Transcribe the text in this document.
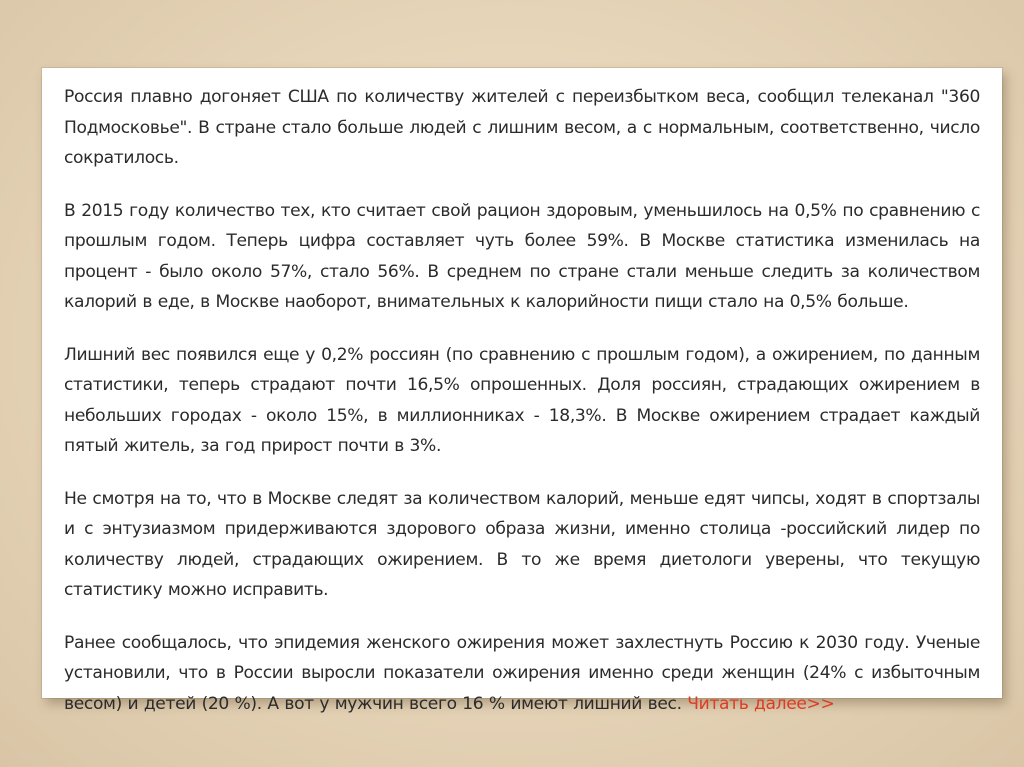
Россия плавно догоняет США по количеству жителей с переизбытком веса, сообщил телеканал "360 Подмосковье". В стране стало больше людей с лишним весом, а с нормальным, соответственно, число сократилось.

В 2015 году количество тех, кто считает свой рацион здоровым, уменьшилось на 0,5% по сравнению с прошлым годом. Теперь цифра составляет чуть более 59%. В Москве статистика изменилась на процент - было около 57%, стало 56%. В среднем по стране стали меньше следить за количеством калорий в еде, в Москве наоборот, внимательных к калорийности пищи стало на 0,5% больше.

Лишний вес появился еще у 0,2% россиян (по сравнению с прошлым годом), а ожирением, по данным статистики, теперь страдают почти 16,5% опрошенных. Доля россиян, страдающих ожирением в небольших городах - около 15%, в миллионниках - 18,3%. В Москве ожирением страдает каждый пятый житель, за год прирост почти в 3%.

Не смотря на то, что в Москве следят за количеством калорий, меньше едят чипсы, ходят в спортзалы и с энтузиазмом придерживаются здорового образа жизни, именно столица -российский лидер по количеству людей, страдающих ожирением. В то же время диетологи уверены, что текущую статистику можно исправить.

Ранее сообщалось, что эпидемия женского ожирения может захлестнуть Россию к 2030 году. Ученые установили, что в России выросли показатели ожирения именно среди женщин (24% с избыточным весом) и детей (20 %). А вот у мужчин всего 16 % имеют лишний вес. Читать далее>>
